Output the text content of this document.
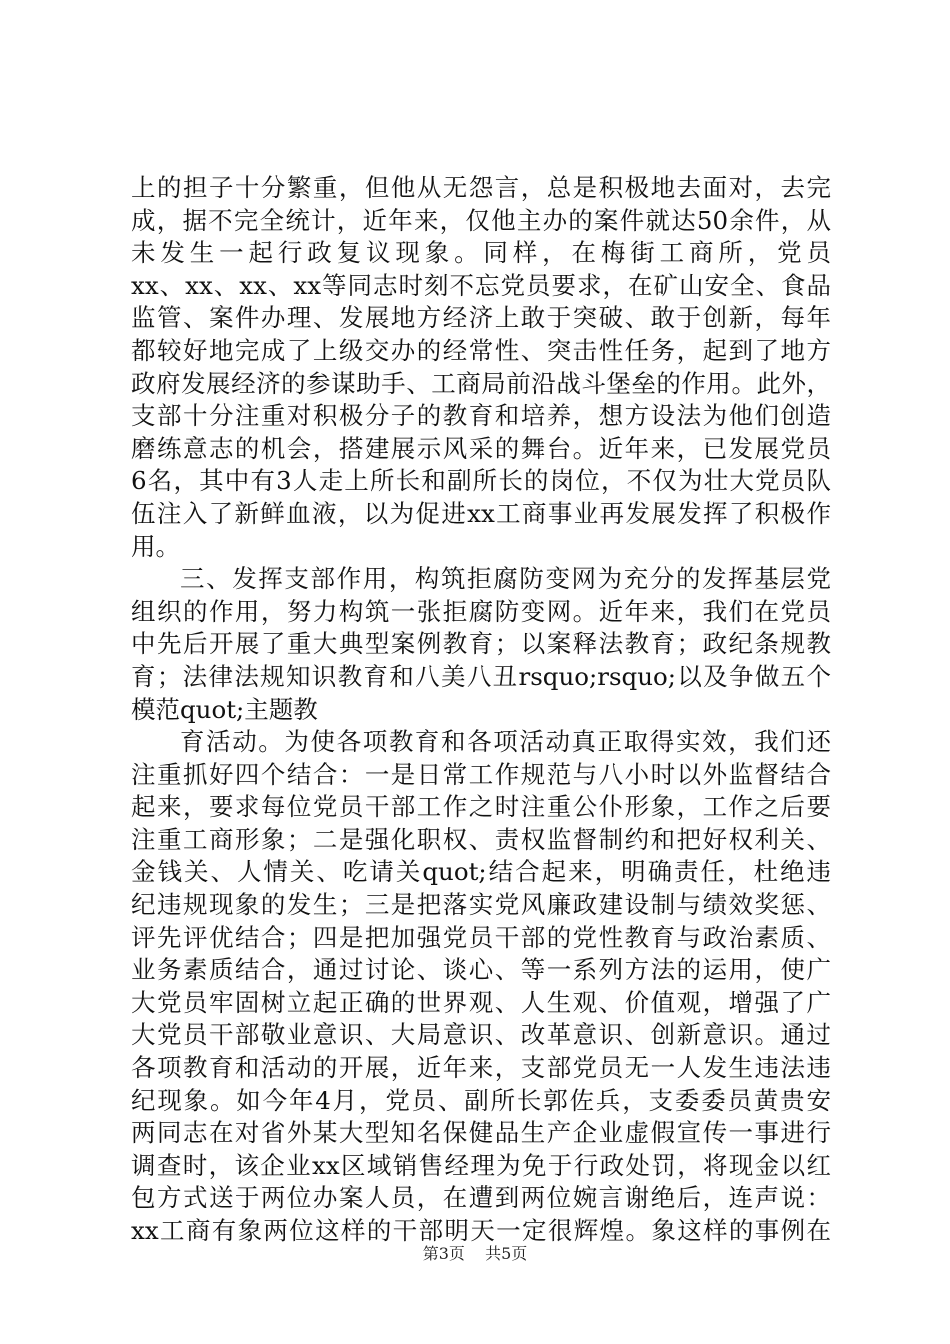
上的担子十分繁重，但他从无怨言，总是积极地去面对，去完
成，据不完全统计，近年来，仅他主办的案件就达50余件，从
未发生一起行政复议现象。同样，在梅街工商所，党员
xx、xx、xx、xx等同志时刻不忘党员要求，在矿山安全、食品
监管、案件办理、发展地方经济上敢于突破、敢于创新，每年
都较好地完成了上级交办的经常性、突击性任务，起到了地方
政府发展经济的参谋助手、工商局前沿战斗堡垒的作用。此外，
支部十分注重对积极分子的教育和培养，想方设法为他们创造
磨练意志的机会，搭建展示风采的舞台。近年来，已发展党员
6名，其中有3人走上所长和副所长的岗位，不仅为壮大党员队
伍注入了新鲜血液，以为促进xx工商事业再发展发挥了积极作
用。
三、发挥支部作用，构筑拒腐防变网为充分的发挥基层党
组织的作用，努力构筑一张拒腐防变网。近年来，我们在党员
中先后开展了重大典型案例教育；以案释法教育；政纪条规教
育；法律法规知识教育和八美八丑rsquo;rsquo;以及争做五个
模范quot;主题教
育活动。为使各项教育和各项活动真正取得实效，我们还
注重抓好四个结合：一是日常工作规范与八小时以外监督结合
起来，要求每位党员干部工作之时注重公仆形象，工作之后要
注重工商形象；二是强化职权、责权监督制约和把好权利关、
金钱关、人情关、吃请关quot;结合起来，明确责任，杜绝违
纪违规现象的发生；三是把落实党风廉政建设制与绩效奖惩、
评先评优结合；四是把加强党员干部的党性教育与政治素质、
业务素质结合，通过讨论、谈心、等一系列方法的运用，使广
大党员牢固树立起正确的世界观、人生观、价值观，增强了广
大党员干部敬业意识、大局意识、改革意识、创新意识。通过
各项教育和活动的开展，近年来，支部党员无一人发生违法违
纪现象。如今年4月，党员、副所长郭佐兵，支委委员黄贵安
两同志在对省外某大型知名保健品生产企业虚假宣传一事进行
调查时，该企业xx区域销售经理为免于行政处罚，将现金以红
包方式送于两位办案人员，在遭到两位婉言谢绝后，连声说：
xx工商有象两位这样的干部明天一定很辉煌。象这样的事例在
第3页 共5页
